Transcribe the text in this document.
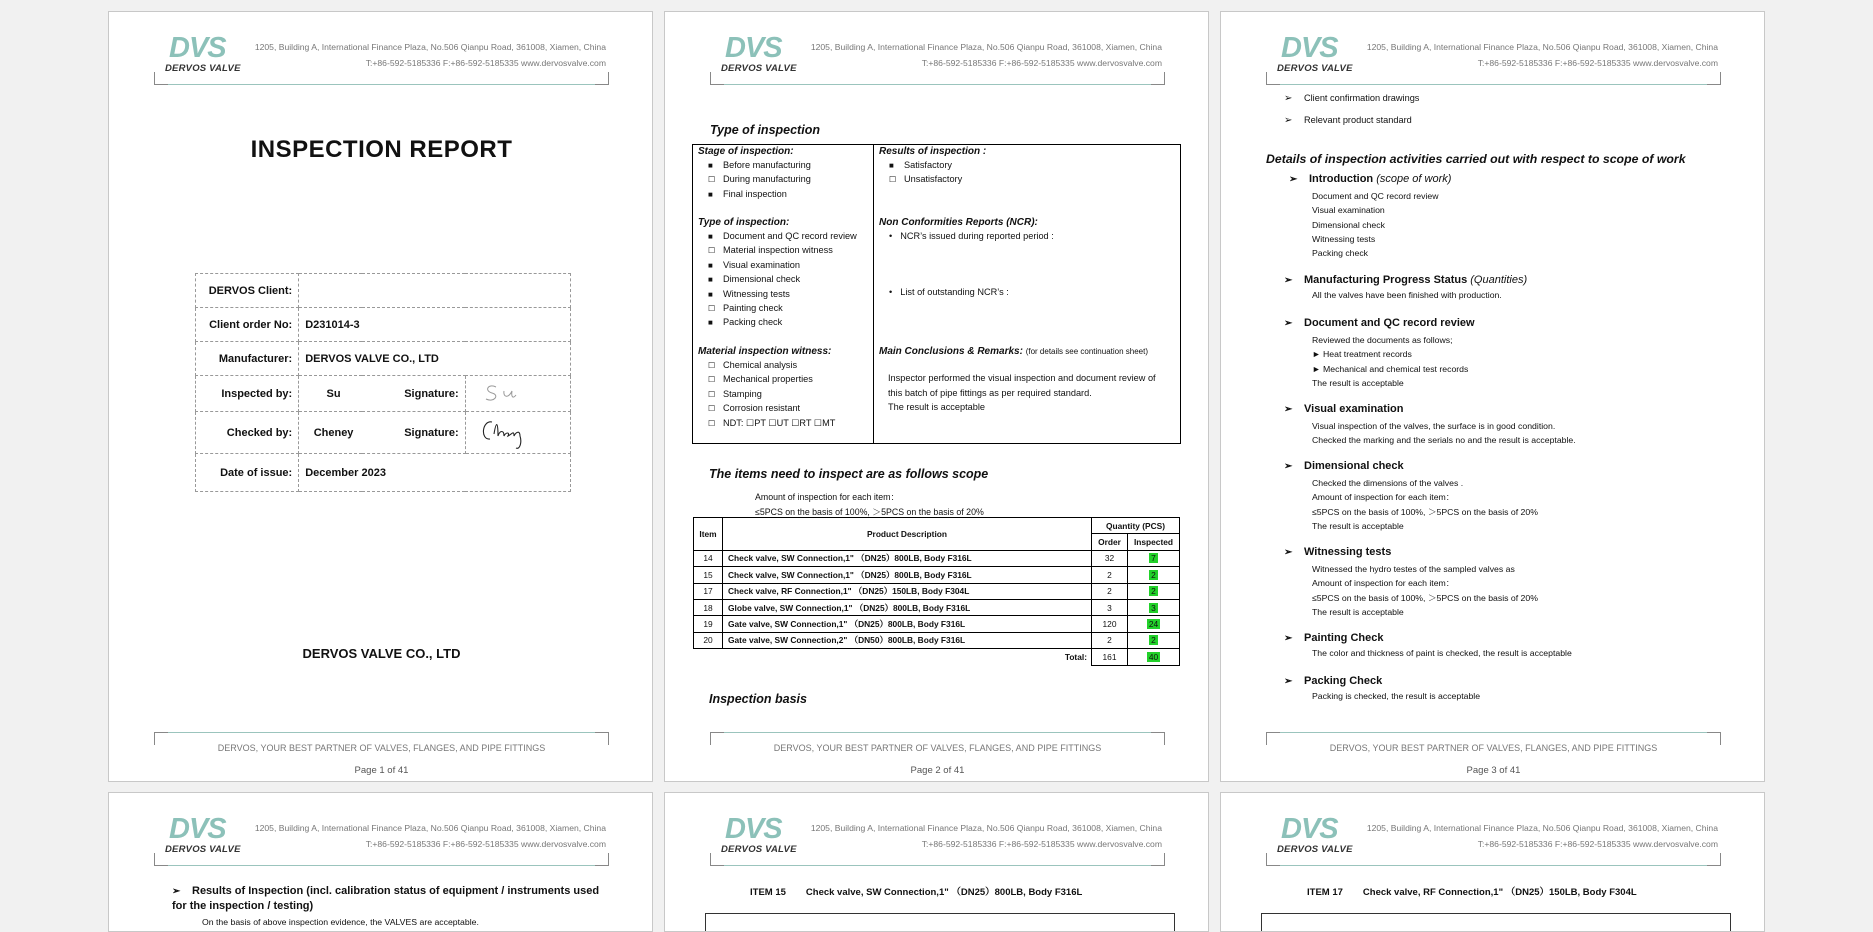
DVS
DERVOS VALVE
1205, Building A, International Finance Plaza, No.506 Qianpu Road, 361008, Xiamen, China
T:+86-592-5185336 F:+86-592-5185335 www.dervosvalve.com
INSPECTION REPORT
DERVOS Client:			
Client order No:	D231014-3		
Manufacturer:	DERVOS VALVE CO., LTD		
Inspected by:	Su	Signature:	
Checked by:	Cheney	Signature:	
Date of issue:	December 2023		
DERVOS VALVE CO., LTD
DERVOS, YOUR BEST PARTNER OF VALVES, FLANGES, AND PIPE FITTINGS
Page 1 of 41
DVS
DERVOS VALVE
1205, Building A, International Finance Plaza, No.506 Qianpu Road, 361008, Xiamen, China
T:+86-592-5185336 F:+86-592-5185335 www.dervosvalve.com
Type of inspection
Stage of inspection:
■ Before manufacturing
☐ During manufacturing
■ Final inspection
Type of inspection:
■ Document and QC record review
☐ Material inspection witness
■ Visual examination
■ Dimensional check
■ Witnessing tests
☐ Painting check
■ Packing check
Material inspection witness:
☐ Chemical analysis
☐ Mechanical properties
☐ Stamping
☐ Corrosion resistant
☐ NDT: ☐PT ☐UT ☐RT ☐MT
Results of inspection :
■ Satisfactory
☐ Unsatisfactory
Non Conformities Reports (NCR):
• NCR’s issued during reported period :
• List of outstanding NCR’s :
Main Conclusions & Remarks: (for details see continuation sheet)
Inspector performed the visual inspection and document review of
this batch of pipe fittings as per required standard.
The result is acceptable
The items need to inspect are as follows scope
Amount of inspection for each item：
≤5PCS on the basis of 100%, ＞5PCS on the basis of 20%
Item	Product Description	Quantity (PCS)	
		Order	Inspected
14	Check valve, SW Connection,1" （DN25）800LB, Body F316L	32	7
15	Check valve, SW Connection,1" （DN25）800LB, Body F316L	2	2
17	Check valve, RF Connection,1" （DN25）150LB, Body F304L	2	2
18	Globe valve, SW Connection,1" （DN25）800LB, Body F316L	3	3
19	Gate valve, SW Connection,1" （DN25）800LB, Body F316L	120	24
20	Gate valve, SW Connection,2" （DN50）800LB, Body F316L	2	2
Total:		161	40
Inspection basis
DERVOS, YOUR BEST PARTNER OF VALVES, FLANGES, AND PIPE FITTINGS
Page 2 of 41
DVS
DERVOS VALVE
1205, Building A, International Finance Plaza, No.506 Qianpu Road, 361008, Xiamen, China
T:+86-592-5185336 F:+86-592-5185335 www.dervosvalve.com
➢ Client confirmation drawings
➢ Relevant product standard
Details of inspection activities carried out with respect to scope of work
➢ Introduction (scope of work)
Document and QC record review
Visual examination
Dimensional check
Witnessing tests
Packing check
➢ Manufacturing Progress Status (Quantities)
All the valves have been finished with production.
➢ Document and QC record review
Reviewed the documents as follows;
► Heat treatment records
► Mechanical and chemical test records
The result is acceptable
➢ Visual examination
Visual inspection of the valves, the surface is in good condition.
Checked the marking and the serials no and the result is acceptable.
➢ Dimensional check
Checked the dimensions of the valves .
Amount of inspection for each item：
≤5PCS on the basis of 100%, ＞5PCS on the basis of 20%
The result is acceptable
➢ Witnessing tests
Witnessed the hydro testes of the sampled valves as
Amount of inspection for each item：
≤5PCS on the basis of 100%, ＞5PCS on the basis of 20%
The result is acceptable
➢ Painting Check
The color and thickness of paint is checked, the result is acceptable
➢ Packing Check
Packing is checked, the result is acceptable
DERVOS, YOUR BEST PARTNER OF VALVES, FLANGES, AND PIPE FITTINGS
Page 3 of 41
DVS
DERVOS VALVE
1205, Building A, International Finance Plaza, No.506 Qianpu Road, 361008, Xiamen, China
T:+86-592-5185336 F:+86-592-5185335 www.dervosvalve.com
➢ Results of Inspection (incl. calibration status of equipment / instruments used for the inspection / testing)
On the basis of above inspection evidence, the VALVES are acceptable.
DVS
DERVOS VALVE
1205, Building A, International Finance Plaza, No.506 Qianpu Road, 361008, Xiamen, China
T:+86-592-5185336 F:+86-592-5185335 www.dervosvalve.com
ITEM 15 Check valve, SW Connection,1" （DN25）800LB, Body F316L
DVS
DERVOS VALVE
1205, Building A, International Finance Plaza, No.506 Qianpu Road, 361008, Xiamen, China
T:+86-592-5185336 F:+86-592-5185335 www.dervosvalve.com
ITEM 17 Check valve, RF Connection,1" （DN25）150LB, Body F304L
